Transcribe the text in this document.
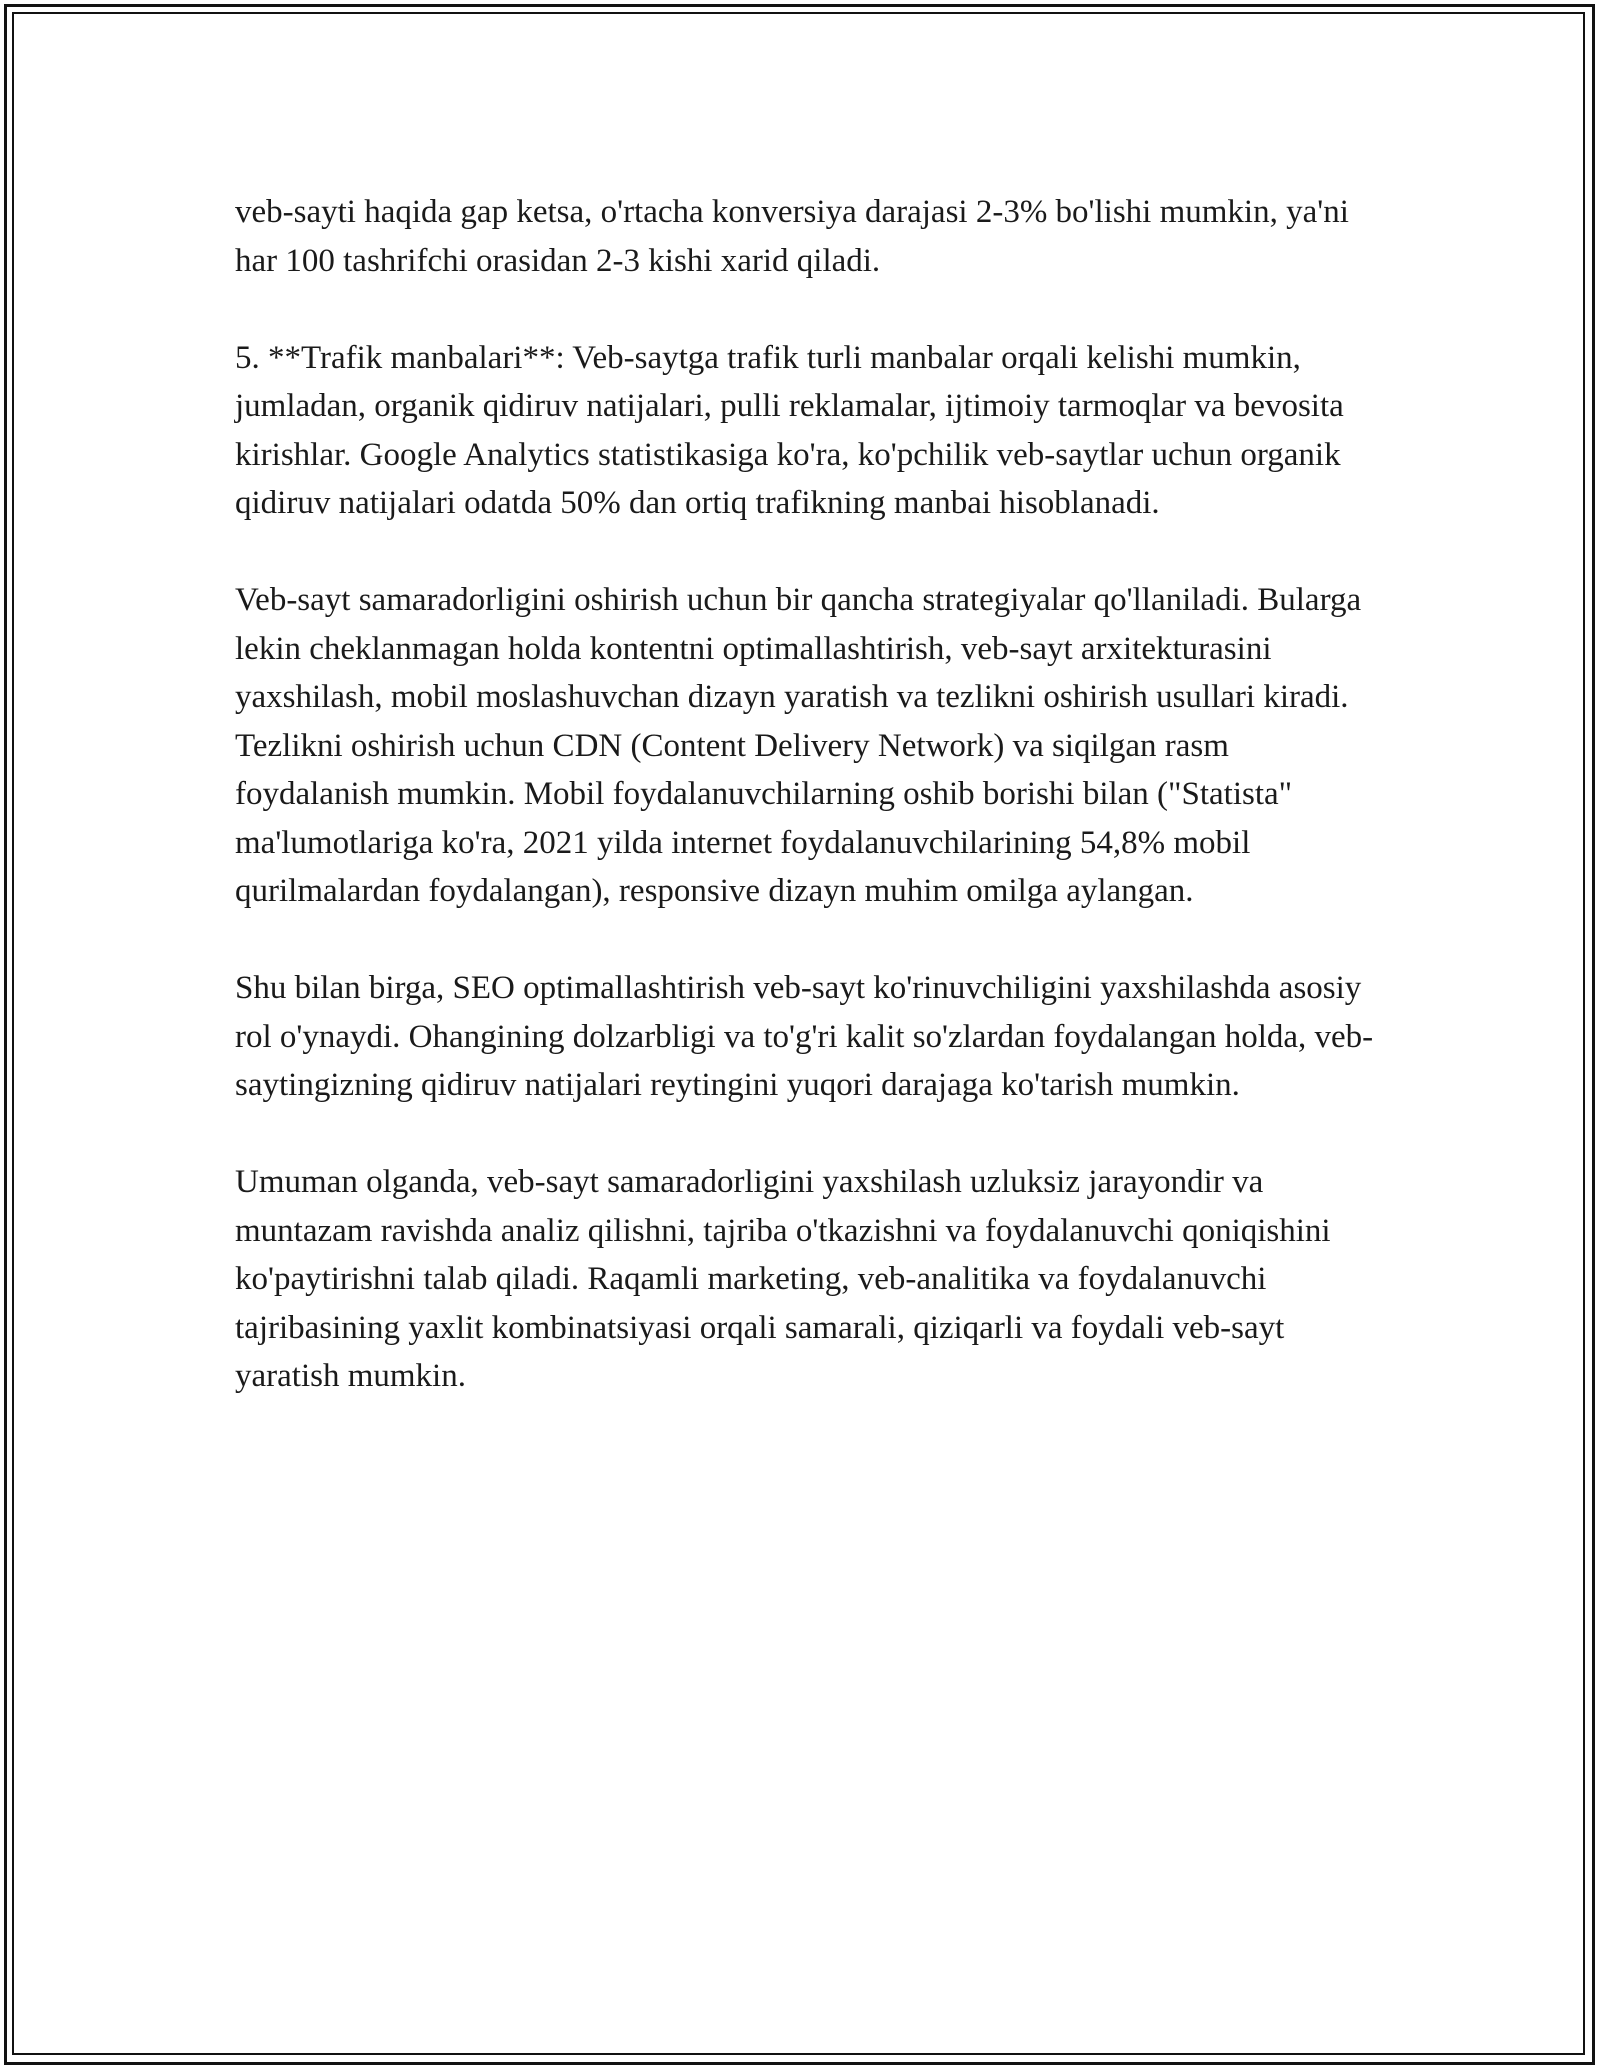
veb-sayti haqida gap ketsa, o'rtacha konversiya darajasi 2-3% bo'lishi mumkin, ya'ni har 100 tashrifchi orasidan 2-3 kishi xarid qiladi.

5. **Trafik manbalari**: Veb-saytga trafik turli manbalar orqali kelishi mumkin, jumladan, organik qidiruv natijalari, pulli reklamalar, ijtimoiy tarmoqlar va bevosita kirishlar. Google Analytics statistikasiga ko'ra, ko'pchilik veb-saytlar uchun organik qidiruv natijalari odatda 50% dan ortiq trafikning manbai hisoblanadi.

Veb-sayt samaradorligini oshirish uchun bir qancha strategiyalar qo'llaniladi. Bularga lekin cheklanmagan holda kontentni optimallashtirish, veb-sayt arxitekturasini yaxshilash, mobil moslashuvchan dizayn yaratish va tezlikni oshirish usullari kiradi. Tezlikni oshirish uchun CDN (Content Delivery Network) va siqilgan rasm foydalanish mumkin. Mobil foydalanuvchilarning oshib borishi bilan ("Statista" ma'lumotlariga ko'ra, 2021 yilda internet foydalanuvchilarining 54,8% mobil qurilmalardan foydalangan), responsive dizayn muhim omilga aylangan.

Shu bilan birga, SEO optimallashtirish veb-sayt ko'rinuvchiligini yaxshilashda asosiy rol o'ynaydi. Ohangining dolzarbligi va to'g'ri kalit so'zlardan foydalangan holda, veb-saytingizning qidiruv natijalari reytingini yuqori darajaga ko'tarish mumkin.

Umuman olganda, veb-sayt samaradorligini yaxshilash uzluksiz jarayondir va muntazam ravishda analiz qilishni, tajriba o'tkazishni va foydalanuvchi qoniqishini ko'paytirishni talab qiladi. Raqamli marketing, veb-analitika va foydalanuvchi tajribasining yaxlit kombinatsiyasi orqali samarali, qiziqarli va foydali veb-sayt yaratish mumkin.
